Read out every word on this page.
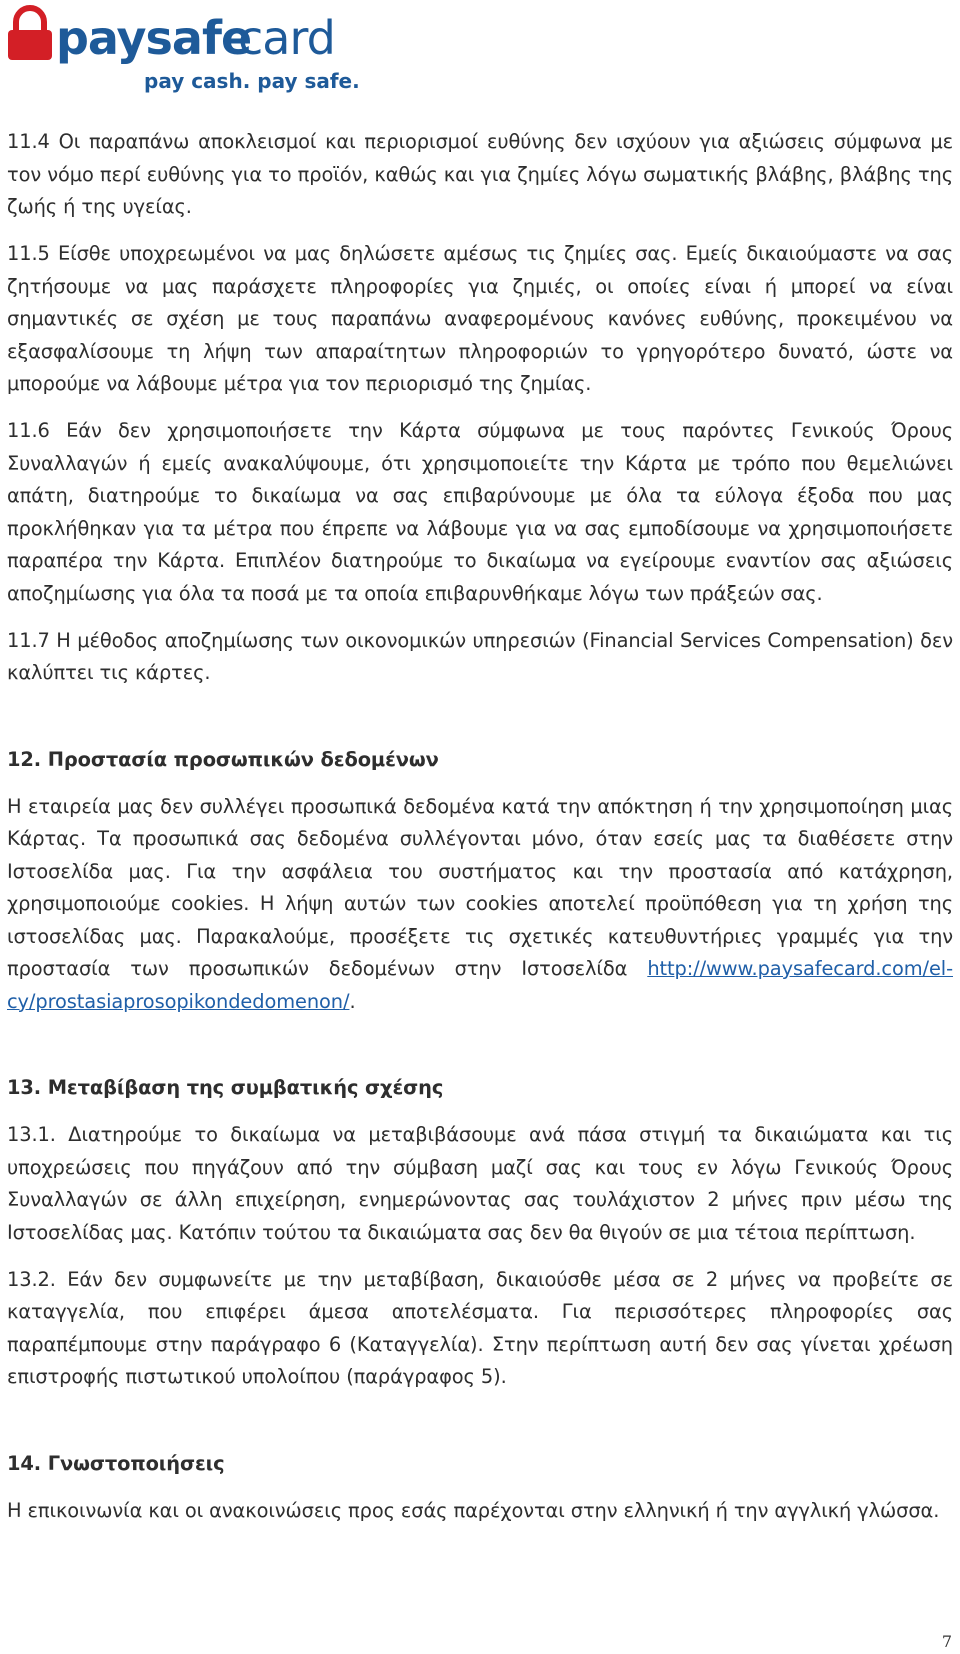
paysafe
card
pay cash. pay safe.

11.4 Οι παραπάνω αποκλεισμοί και περιορισμοί ευθύνης δεν ισχύουν για αξιώσεις σύμφωνα με τον νόμο περί ευθύνης για το προϊόν, καθώς και για ζημίες λόγω σωματικής βλάβης, βλάβης της ζωής ή της υγείας.

11.5 Είσθε υποχρεωμένοι να μας δηλώσετε αμέσως τις ζημίες σας. Εμείς δικαιούμαστε να σας ζητήσουμε να μας παράσχετε πληροφορίες για ζημιές, οι οποίες είναι ή μπορεί να είναι σημαντικές σε σχέση με τους παραπάνω αναφερομένους κανόνες ευθύνης, προκειμένου να εξασφαλίσουμε τη λήψη των απαραίτητων πληροφοριών το γρηγορότερο δυνατό, ώστε να μπορούμε να λάβουμε μέτρα για τον περιορισμό της ζημίας.

11.6 Εάν δεν χρησιμοποιήσετε την Κάρτα σύμφωνα με τους παρόντες Γενικούς Όρους Συναλλαγών ή εμείς ανακαλύψουμε, ότι χρησιμοποιείτε την Κάρτα με τρόπο που θεμελιώνει απάτη, διατηρούμε το δικαίωμα να σας επιβαρύνουμε με όλα τα εύλογα έξοδα που μας προκλήθηκαν για τα μέτρα που έπρεπε να λάβουμε για να σας εμποδίσουμε να χρησιμοποιήσετε παραπέρα την Κάρτα. Επιπλέον διατηρούμε το δικαίωμα να εγείρουμε εναντίον σας αξιώσεις αποζημίωσης για όλα τα ποσά με τα οποία επιβαρυνθήκαμε λόγω των πράξεών σας.

11.7 Η μέθοδος αποζημίωσης των οικονομικών υπηρεσιών (Financial Services Compensation) δεν καλύπτει τις κάρτες.

12. Προστασία προσωπικών δεδομένων

Η εταιρεία μας δεν συλλέγει προσωπικά δεδομένα κατά την απόκτηση ή την χρησιμοποίηση μιας Κάρτας. Τα προσωπικά σας δεδομένα συλλέγονται μόνο, όταν εσείς μας τα διαθέσετε στην Ιστοσελίδα μας. Για την ασφάλεια του συστήματος και την προστασία από κατάχρηση, χρησιμοποιούμε cookies. Η λήψη αυτών των cookies αποτελεί προϋπόθεση για τη χρήση της ιστοσελίδας μας. Παρακαλούμε, προσέξετε τις σχετικές κατευθυντήριες γραμμές για την προστασία των προσωπικών δεδομένων στην Ιστοσελίδα http://www.paysafecard.com/el-cy/prostasiaprosopikondedomenon/.

13. Μεταβίβαση της συμβατικής σχέσης

13.1. Διατηρούμε το δικαίωμα να μεταβιβάσουμε ανά πάσα στιγμή τα δικαιώματα και τις υποχρεώσεις που πηγάζουν από την σύμβαση μαζί σας και τους εν λόγω Γενικούς Όρους Συναλλαγών σε άλλη επιχείρηση, ενημερώνοντας σας τουλάχιστον 2 μήνες πριν μέσω της Ιστοσελίδας μας. Κατόπιν τούτου τα δικαιώματα σας δεν θα θιγούν σε μια τέτοια περίπτωση.

13.2. Εάν δεν συμφωνείτε με την μεταβίβαση, δικαιούσθε μέσα σε 2 μήνες να προβείτε σε καταγγελία, που επιφέρει άμεσα αποτελέσματα. Για περισσότερες πληροφορίες σας παραπέμπουμε στην παράγραφο 6 (Καταγγελία). Στην περίπτωση αυτή δεν σας γίνεται χρέωση επιστροφής πιστωτικού υπολοίπου (παράγραφος 5).

14. Γνωστοποιήσεις

Η επικοινωνία και οι ανακοινώσεις προς εσάς παρέχονται στην ελληνική ή την αγγλική γλώσσα.

7
